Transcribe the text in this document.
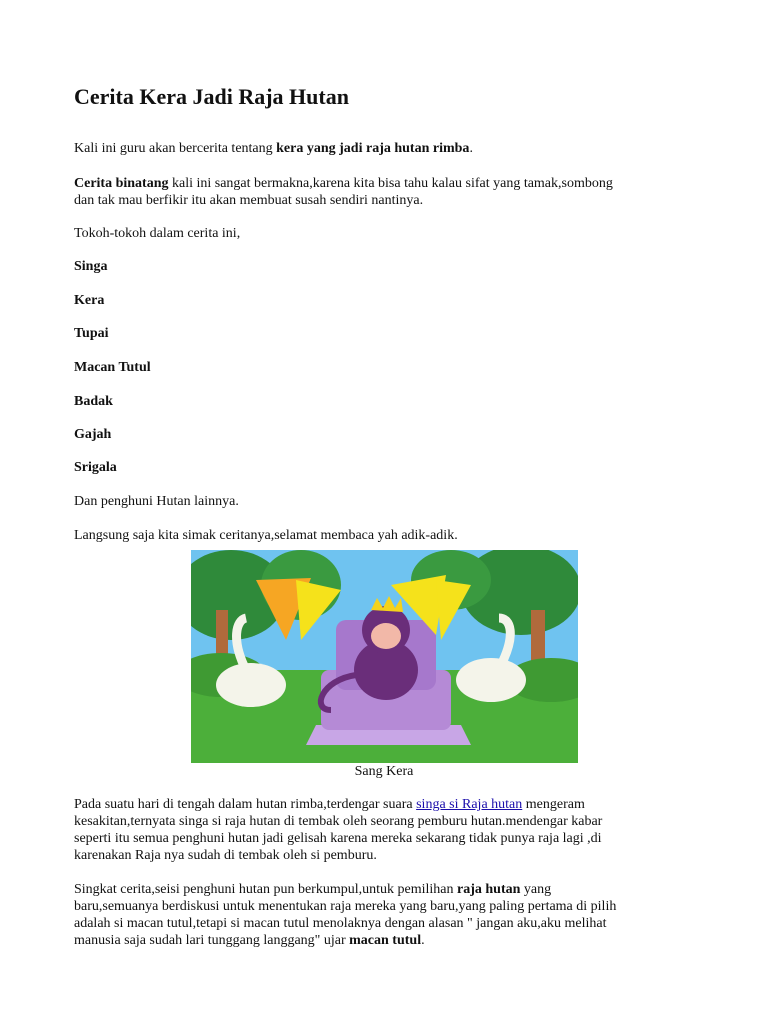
Cerita Kera Jadi Raja Hutan

Kali ini guru akan bercerita tentang kera yang jadi raja hutan rimba.

Cerita binatang kali ini sangat bermakna,karena kita bisa tahu kalau sifat yang tamak,sombong
dan tak mau berfikir itu akan membuat susah sendiri nantinya.

Tokoh-tokoh dalam cerita ini,

Singa

Kera

Tupai

Macan Tutul

Badak

Gajah

Srigala

Dan penghuni Hutan lainnya.

Langsung saja kita simak ceritanya,selamat membaca yah adik-adik.

Sang Kera

Pada suatu hari di tengah dalam hutan rimba,terdengar suara singa si Raja hutan mengeram
kesakitan,ternyata singa si raja hutan di tembak oleh seorang pemburu hutan.mendengar kabar
seperti itu semua penghuni hutan jadi gelisah karena mereka sekarang tidak punya raja lagi ,di
karenakan Raja nya sudah di tembak oleh si pemburu.

Singkat cerita,seisi penghuni hutan pun berkumpul,untuk pemilihan raja hutan yang
baru,semuanya berdiskusi untuk menentukan raja mereka yang baru,yang paling pertama di pilih
adalah si macan tutul,tetapi si macan tutul menolaknya dengan alasan " jangan aku,aku melihat
manusia saja sudah lari tunggang langgang" ujar macan tutul.
